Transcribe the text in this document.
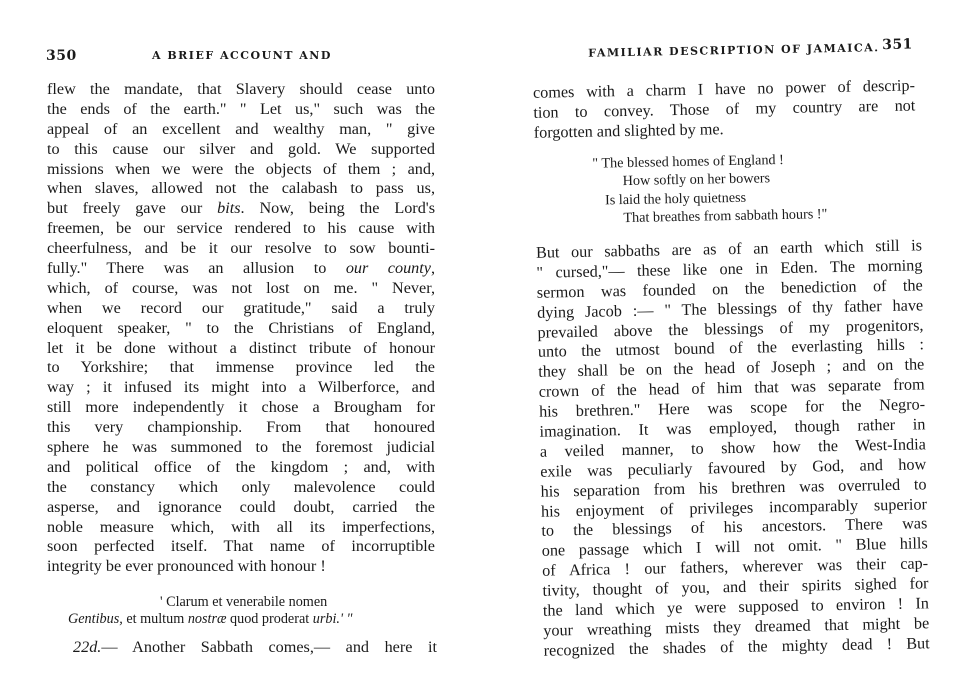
350	A BRIEF ACCOUNT AND
flew the mandate, that Slavery should cease unto
the ends of the earth." " Let us," such was the
appeal of an excellent and wealthy man, " give
to this cause our silver and gold. We supported
missions when we were the objects of them ; and,
when slaves, allowed not the calabash to pass us,
but freely gave our bits. Now, being the Lord's
freemen, be our service rendered to his cause with
cheerfulness, and be it our resolve to sow bounti-
fully." There was an allusion to our county,
which, of course, was not lost on me. " Never,
when we record our gratitude," said a truly
eloquent speaker, " to the Christians of England,
let it be done without a distinct tribute of honour
to Yorkshire; that immense province led the
way ; it infused its might into a Wilberforce, and
still more independently it chose a Brougham for
this very championship. From that honoured
sphere he was summoned to the foremost judicial
and political office of the kingdom ; and, with
the constancy which only malevolence could
asperse, and ignorance could doubt, carried the
noble measure which, with all its imperfections,
soon perfected itself. That name of incorruptible
integrity be ever pronounced with honour !
' Clarum et venerabile nomen
Gentibus, et multum nostræ quod proderat urbi.' "
22d.— Another Sabbath comes,— and here it
FAMILIAR DESCRIPTION OF JAMAICA. 351
comes with a charm I have no power of descrip-
tion to convey. Those of my country are not
forgotten and slighted by me.
" The blessed homes of England !
How softly on her bowers
Is laid the holy quietness
That breathes from sabbath hours !"
But our sabbaths are as of an earth which still is
" cursed,"— these like one in Eden. The morning
sermon was founded on the benediction of the
dying Jacob :— " The blessings of thy father have
prevailed above the blessings of my progenitors,
unto the utmost bound of the everlasting hills :
they shall be on the head of Joseph ; and on the
crown of the head of him that was separate from
his brethren." Here was scope for the Negro-
imagination. It was employed, though rather in
a veiled manner, to show how the West-India
exile was peculiarly favoured by God, and how
his separation from his brethren was overruled to
his enjoyment of privileges incomparably superior
to the blessings of his ancestors. There was
one passage which I will not omit. " Blue hills
of Africa ! our fathers, wherever was their cap-
tivity, thought of you, and their spirits sighed for
the land which ye were supposed to environ ! In
your wreathing mists they dreamed that might be
recognized the shades of the mighty dead ! But
